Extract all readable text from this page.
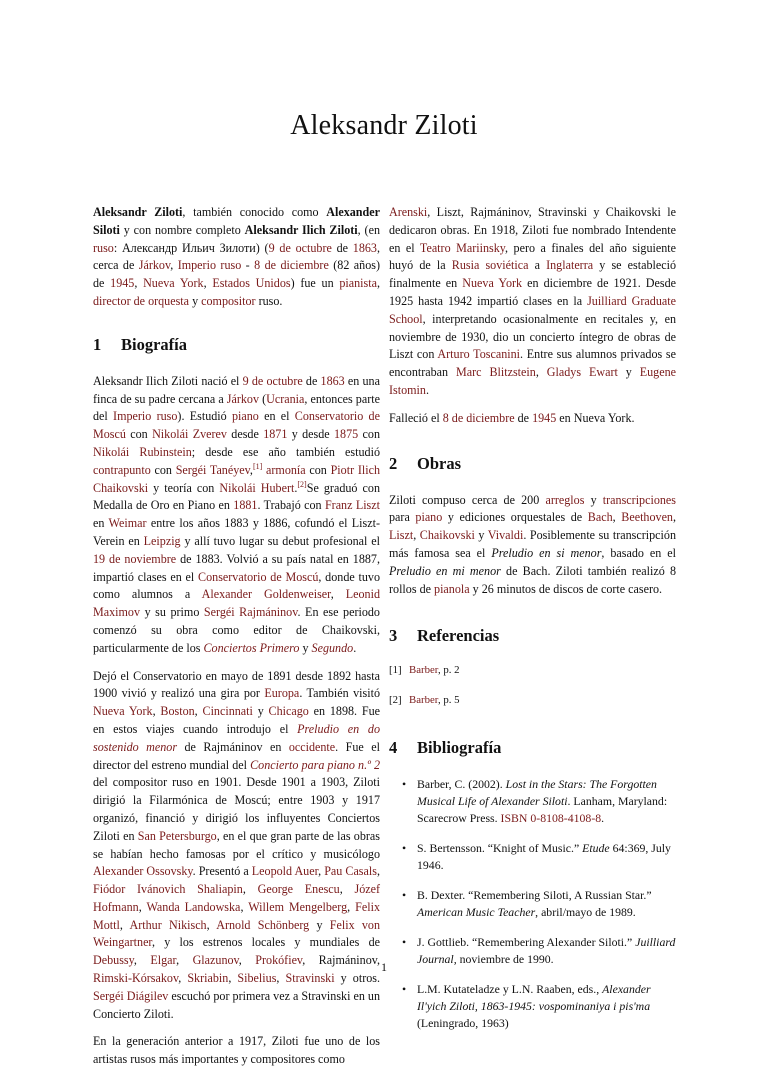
Aleksandr Ziloti

Aleksandr Ziloti, también conocido como Alexander Siloti y con nombre completo Aleksandr Ilich Ziloti, (en ruso: Александр Ильич Зилоти) (9 de octubre de 1863, cerca de Járkov, Imperio ruso - 8 de diciembre (82 años) de 1945, Nueva York, Estados Unidos) fue un pianista, director de orquesta y compositor ruso.

1 Biografía

Aleksandr Ilich Ziloti nació el 9 de octubre de 1863 en una finca de su padre cercana a Járkov (Ucrania, entonces parte del Imperio ruso). Estudió piano en el Conservatorio de Moscú con Nikolái Zverev desde 1871 y desde 1875 con Nikolái Rubinstein; desde ese año también estudió contrapunto con Sergéi Tanéyev,[1] armonía con Piotr Ilich Chaikovski y teoría con Nikolái Hubert.[2]Se graduó con Medalla de Oro en Piano en 1881. Trabajó con Franz Liszt en Weimar entre los años 1883 y 1886, cofundó el Liszt-Verein en Leipzig y allí tuvo lugar su debut profesional el 19 de noviembre de 1883. Volvió a su país natal en 1887, impartió clases en el Conservatorio de Moscú, donde tuvo como alumnos a Alexander Goldenweiser, Leonid Maximov y su primo Sergéi Rajmáninov. En ese periodo comenzó su obra como editor de Chaikovski, particularmente de los Conciertos Primero y Segundo.

Dejó el Conservatorio en mayo de 1891 desde 1892 hasta 1900 vivió y realizó una gira por Europa. También visitó Nueva York, Boston, Cincinnati y Chicago en 1898. Fue en estos viajes cuando introdujo el Preludio en do sostenido menor de Rajmáninov en occidente. Fue el director del estreno mundial del Concierto para piano n.º 2 del compositor ruso en 1901. Desde 1901 a 1903, Ziloti dirigió la Filarmónica de Moscú; entre 1903 y 1917 organizó, financió y dirigió los influyentes Conciertos Ziloti en San Petersburgo, en el que gran parte de las obras se habían hecho famosas por el crítico y musicólogo Alexander Ossovsky. Presentó a Leopold Auer, Pau Casals, Fiódor Ivánovich Shaliapin, George Enescu, Józef Hofmann, Wanda Landowska, Willem Mengelberg, Felix Mottl, Arthur Nikisch, Arnold Schönberg y Felix von Weingartner, y los estrenos locales y mundiales de Debussy, Elgar, Glazunov, Prokófiev, Rajmáninov, Rimski-Kórsakov, Skriabin, Sibelius, Stravinski y otros. Sergéi Diágilev escuchó por primera vez a Stravinski en un Concierto Ziloti.

En la generación anterior a 1917, Ziloti fue uno de los artistas rusos más importantes y compositores como

Arenski, Liszt, Rajmáninov, Stravinski y Chaikovski le dedicaron obras. En 1918, Ziloti fue nombrado Intendente en el Teatro Mariinsky, pero a finales del año siguiente huyó de la Rusia soviética a Inglaterra y se estableció finalmente en Nueva York en diciembre de 1921. Desde 1925 hasta 1942 impartió clases en la Juilliard Graduate School, interpretando ocasionalmente en recitales y, en noviembre de 1930, dio un concierto íntegro de obras de Liszt con Arturo Toscanini. Entre sus alumnos privados se encontraban Marc Blitzstein, Gladys Ewart y Eugene Istomin.

Falleció el 8 de diciembre de 1945 en Nueva York.

2 Obras

Ziloti compuso cerca de 200 arreglos y transcripciones para piano y ediciones orquestales de Bach, Beethoven, Liszt, Chaikovski y Vivaldi. Posiblemente su transcripción más famosa sea el Preludio en si menor, basado en el Preludio en mi menor de Bach. Ziloti también realizó 8 rollos de pianola y 26 minutos de discos de corte casero.

3 Referencias
[1] Barber, p. 2
[2] Barber, p. 5
4 Bibliografía
• Barber, C. (2002). Lost in the Stars: The Forgotten Musical Life of Alexander Siloti. Lanham, Maryland: Scarecrow Press. ISBN 0-8108-4108-8.
• S. Bertensson. “Knight of Music.” Etude 64:369, July 1946.
• B. Dexter. “Remembering Siloti, A Russian Star.” American Music Teacher, abril/mayo de 1989.
• J. Gottlieb. “Remembering Alexander Siloti.” Juilliard Journal, noviembre de 1990.
• L.M. Kutateladze y L.N. Raaben, eds., Alexander Il'yich Ziloti, 1863-1945: vospominaniya i pis'ma (Leningrado, 1963)
1
